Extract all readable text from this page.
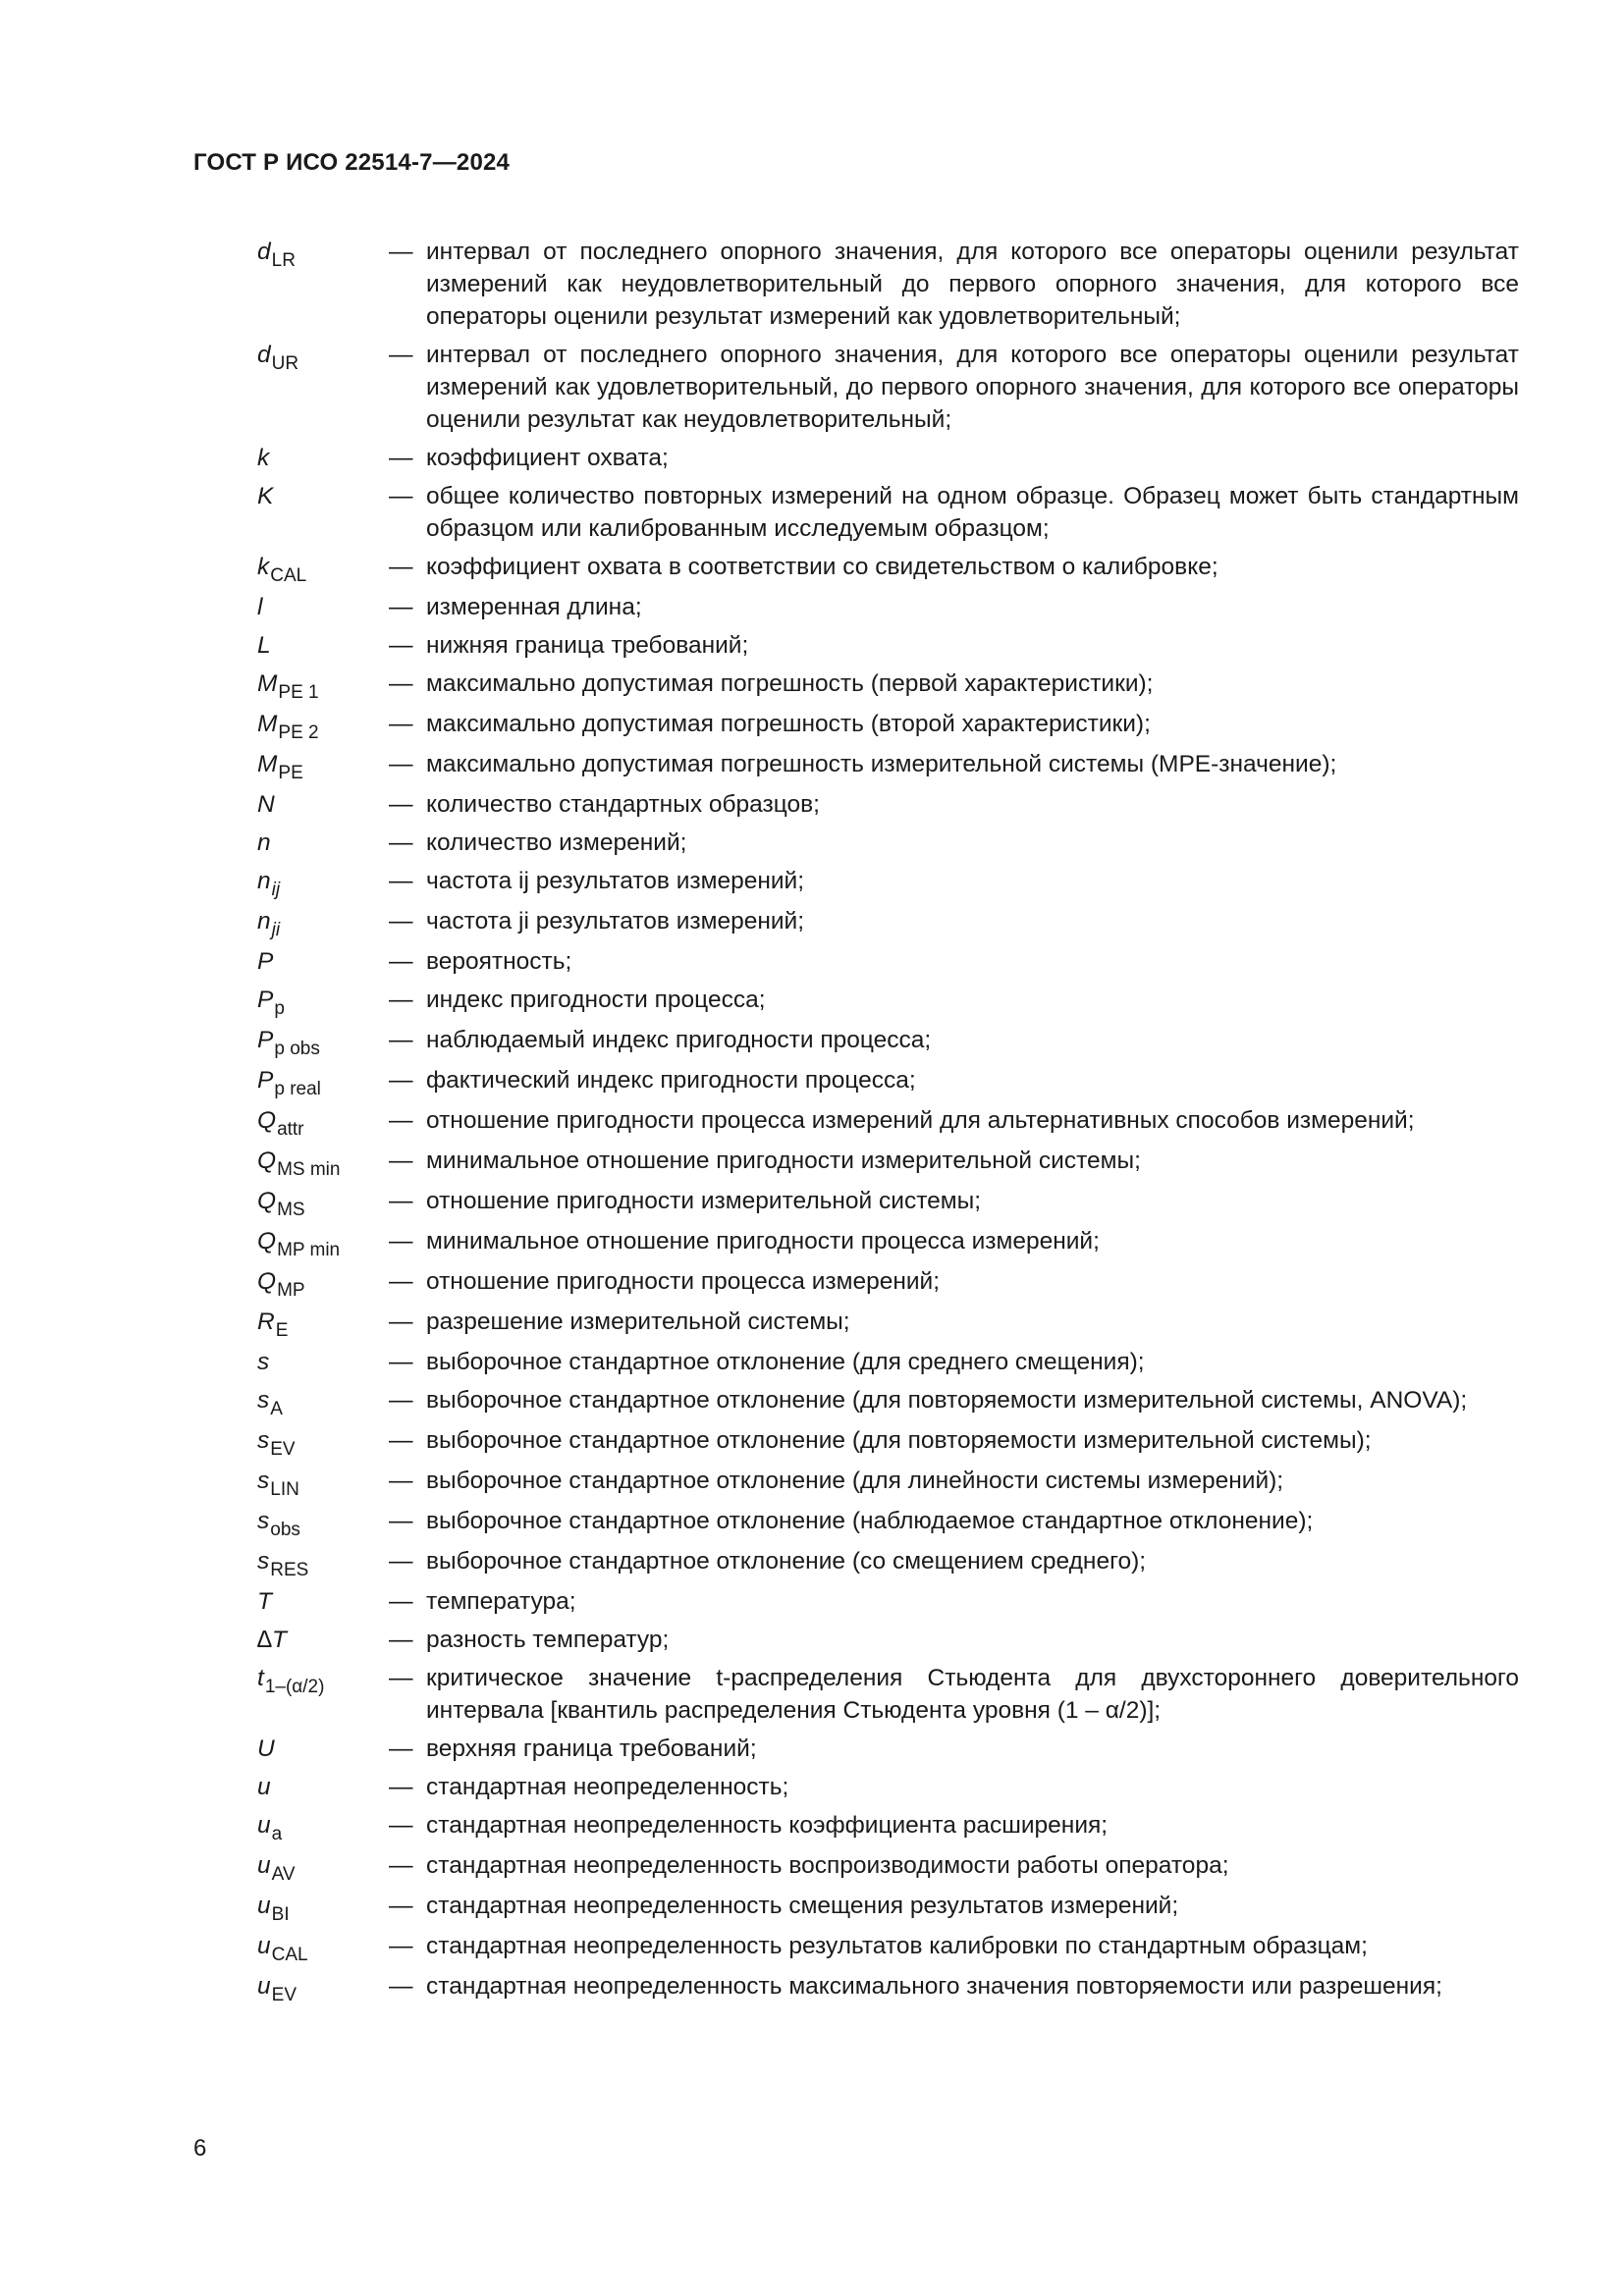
ГОСТ Р ИСО 22514-7—2024
$d_{LR}$	— интервал от последнего опорного значения, для которого все операторы оценили результат измерений как неудовлетворительный до первого опорного значения, для которого все операторы оценили результат измерений как удовлетворительный;
$d_{UR}$	— интервал от последнего опорного значения, для которого все операторы оценили результат измерений как удовлетворительный, до первого опорного значения, для которого все операторы оценили результат как неудовлетворительный;
k	— коэффициент охвата;
K	— общее количество повторных измерений на одном образце. Образец может быть стандартным образцом или калиброванным исследуемым образцом;
$k_{CAL}$	— коэффициент охвата в соответствии со свидетельством о калибровке;
l	— измеренная длина;
L	— нижняя граница требований;
$M_{PE 1}$	— максимально допустимая погрешность (первой характеристики);
$M_{PE 2}$	— максимально допустимая погрешность (второй характеристики);
$M_{PE}$	— максимально допустимая погрешность измерительной системы (MPE-значение);
N	— количество стандартных образцов;
n	— количество измерений;
$n_{ij}$	— частота ij результатов измерений;
$n_{ji}$	— частота ji результатов измерений;
P	— вероятность;
$P_p$	— индекс пригодности процесса;
$P_{p obs}$	— наблюдаемый индекс пригодности процесса;
$P_{p real}$	— фактический индекс пригодности процесса;
$Q_{attr}$	— отношение пригодности процесса измерений для альтернативных способов измерений;
$Q_{MS min}$	— минимальное отношение пригодности измерительной системы;
$Q_{MS}$	— отношение пригодности измерительной системы;
$Q_{MP min}$	— минимальное отношение пригодности процесса измерений;
$Q_{MP}$	— отношение пригодности процесса измерений;
$R_E$	— разрешение измерительной системы;
s	— выборочное стандартное отклонение (для среднего смещения);
$s_A$	— выборочное стандартное отклонение (для повторяемости измерительной системы, ANOVA);
$s_{EV}$	— выборочное стандартное отклонение (для повторяемости измерительной системы);
$s_{LIN}$	— выборочное стандартное отклонение (для линейности системы измерений);
$s_{obs}$	— выборочное стандартное отклонение (наблюдаемое стандартное отклонение);
$s_{RES}$	— выборочное стандартное отклонение (со смещением среднего);
T	— температура;
∆T	— разность температур;
$t_{1-(\alpha/2)}$	— критическое значение t-распределения Стьюдента для двухстороннего доверительного интервала [квантиль распределения Стьюдента уровня (1 – α/2)];
U	— верхняя граница требований;
u	— стандартная неопределенность;
$u_a$	— стандартная неопределенность коэффициента расширения;
$u_{AV}$	— стандартная неопределенность воспроизводимости работы оператора;
$u_{BI}$	— стандартная неопределенность смещения результатов измерений;
$u_{CAL}$	— стандартная неопределенность результатов калибровки по стандартным образцам;
$u_{EV}$	— стандартная неопределенность максимального значения повторяемости или разрешения;
6
